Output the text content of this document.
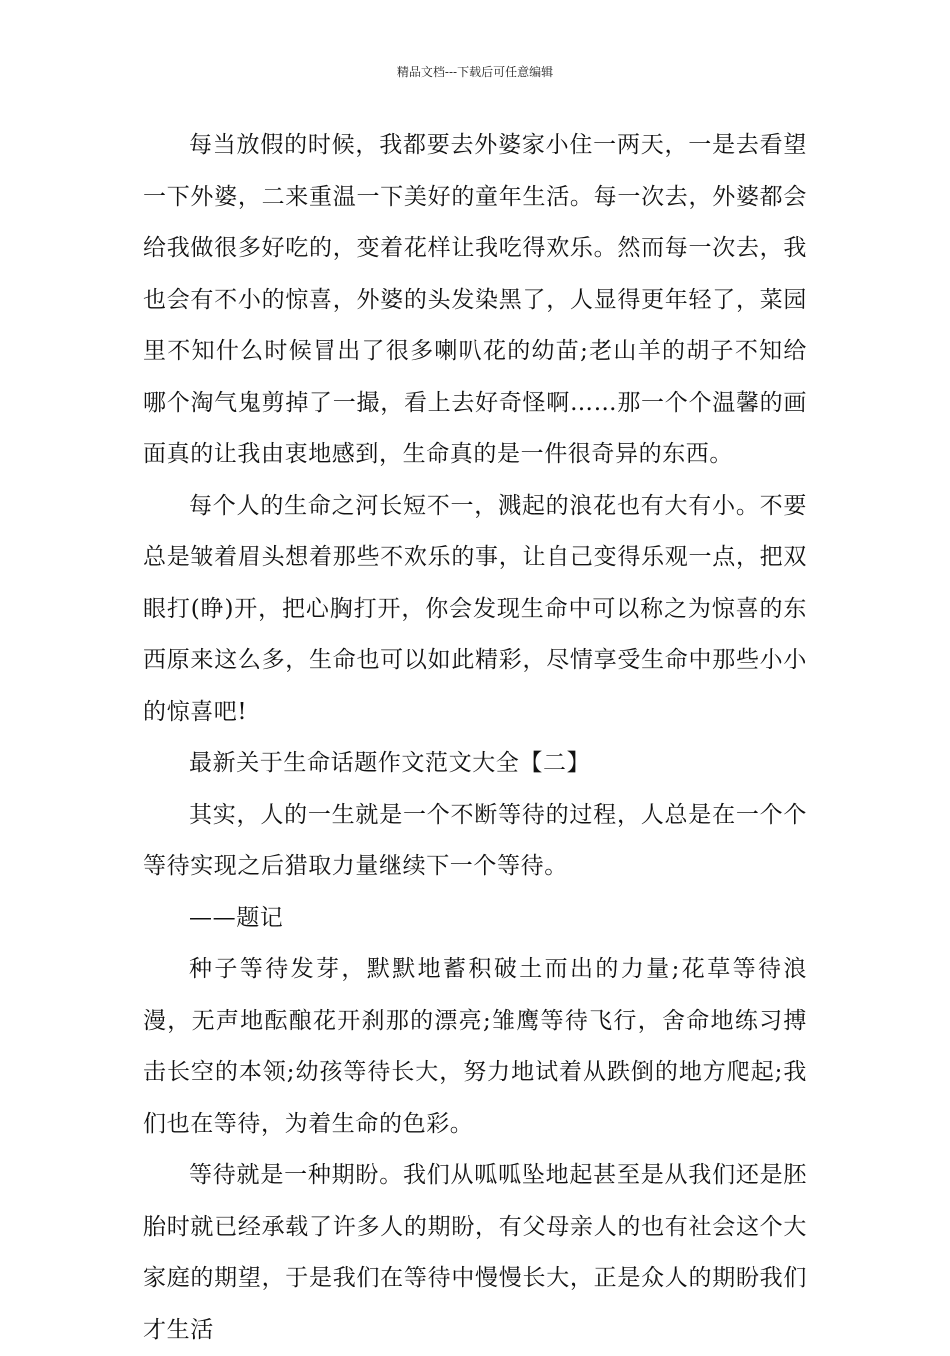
精品文档---下载后可任意编辑

每当放假的时候，我都要去外婆家小住一两天，一是去看望一下外婆，二来重温一下美好的童年生活。每一次去，外婆都会给我做很多好吃的，变着花样让我吃得欢乐。然而每一次去，我也会有不小的惊喜，外婆的头发染黑了，人显得更年轻了，菜园里不知什么时候冒出了很多喇叭花的幼苗;老山羊的胡子不知给哪个淘气鬼剪掉了一撮，看上去好奇怪啊……那一个个温馨的画面真的让我由衷地感到，生命真的是一件很奇异的东西。

每个人的生命之河长短不一，溅起的浪花也有大有小。不要总是皱着眉头想着那些不欢乐的事，让自己变得乐观一点，把双眼打(睁)开，把心胸打开，你会发现生命中可以称之为惊喜的东西原来这么多，生命也可以如此精彩，尽情享受生命中那些小小的惊喜吧!

最新关于生命话题作文范文大全【二】

其实，人的一生就是一个不断等待的过程，人总是在一个个等待实现之后猎取力量继续下一个等待。

——题记

种子等待发芽，默默地蓄积破土而出的力量;花草等待浪漫，无声地酝酿花开刹那的漂亮;雏鹰等待飞行，舍命地练习搏击长空的本领;幼孩等待长大，努力地试着从跌倒的地方爬起;我们也在等待，为着生命的色彩。

等待就是一种期盼。我们从呱呱坠地起甚至是从我们还是胚胎时就已经承载了许多人的期盼，有父母亲人的也有社会这个大家庭的期望，于是我们在等待中慢慢长大，正是众人的期盼我们才生活
